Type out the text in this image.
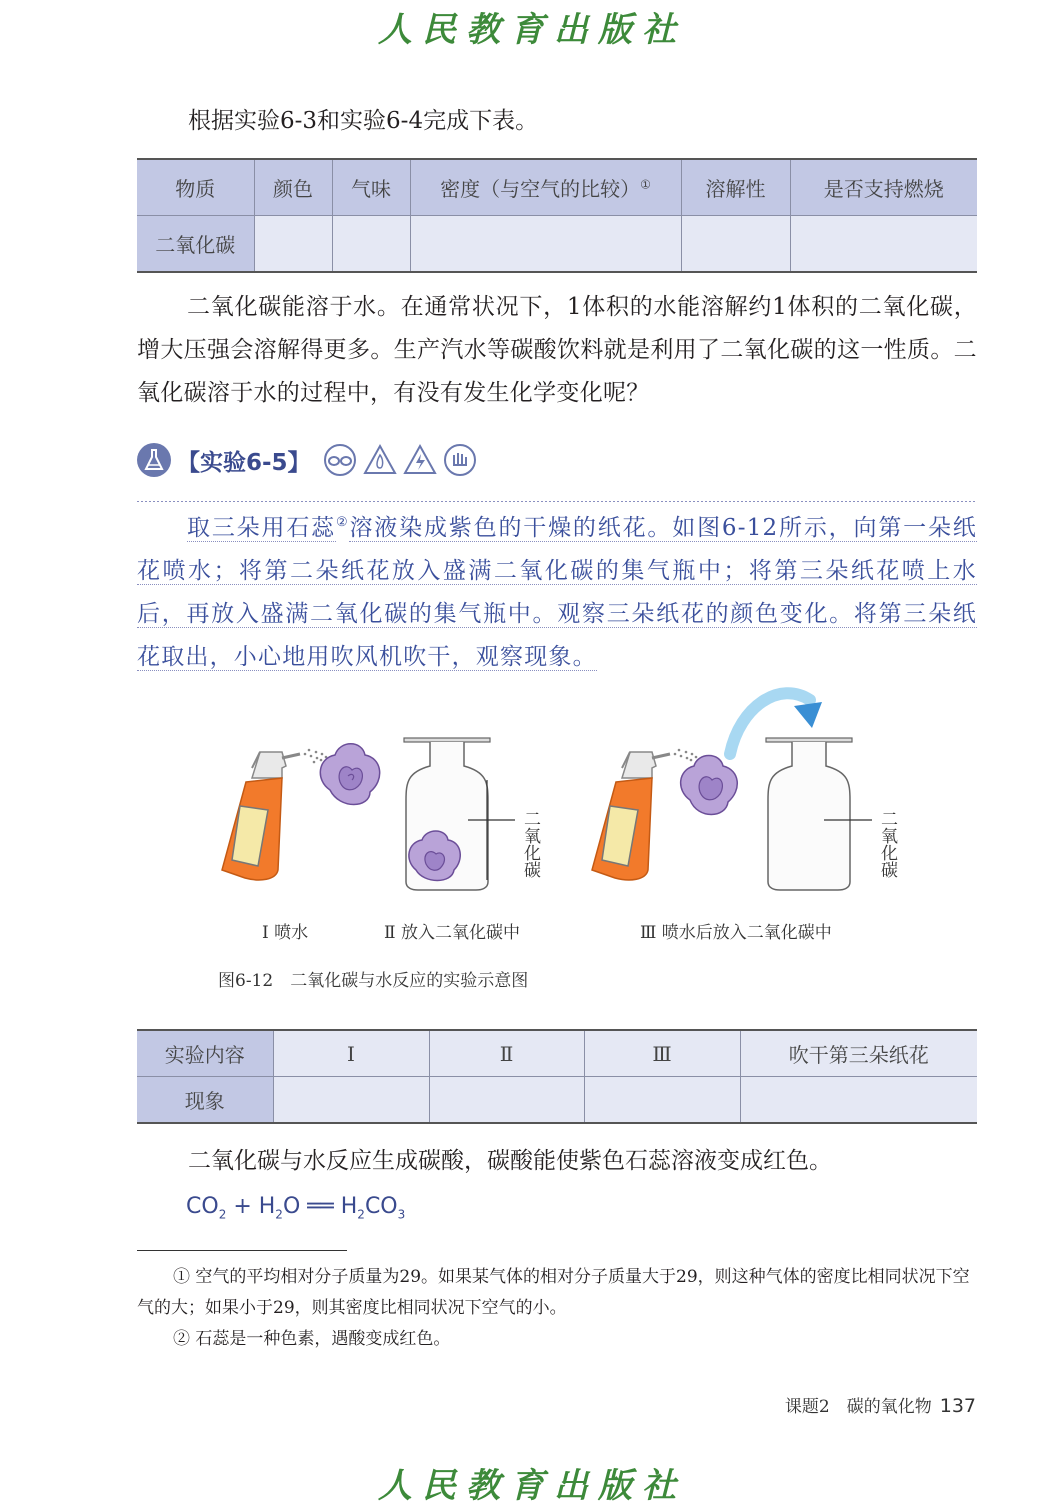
人民教育出版社

根据实验6-3和实验6-4完成下表。

物质	颜色	气味	密度（与空气的比较）①	溶解性	是否支持燃烧
二氧化碳					

二氧化碳能溶于水。在通常状况下，1体积的水能溶解约1体积的二氧化碳，增大压强会溶解得更多。生产汽水等碳酸饮料就是利用了二氧化碳的这一性质。二氧化碳溶于水的过程中，有没有发生化学变化呢？

【实验6-5】

取三朵用石蕊②溶液染成紫色的干燥的纸花。如图6-12所示，向第一朵纸花喷水；将第二朵纸花放入盛满二氧化碳的集气瓶中；将第三朵纸花喷上水后，再放入盛满二氧化碳的集气瓶中。观察三朵纸花的颜色变化。将第三朵纸花取出，小心地用吹风机吹干，观察现象。

二氧化碳	二氧化碳
Ⅰ 喷水	Ⅱ 放入二氧化碳中	Ⅲ 喷水后放入二氧化碳中
图6-12　二氧化碳与水反应的实验示意图
实验内容	Ⅰ	Ⅱ	Ⅲ	吹干第三朵纸花
现象				

二氧化碳与水反应生成碳酸，碳酸能使紫色石蕊溶液变成红色。

$CO_2 + H_2O$ ══ $H_2CO_3$

① 空气的平均相对分子质量为29。如果某气体的相对分子质量大于29，则这种气体的密度比相同状况下空气的大；如果小于29，则其密度比相同状况下空气的小。

② 石蕊是一种色素，遇酸变成红色。

课题2　碳的氧化物 137
人民教育出版社
